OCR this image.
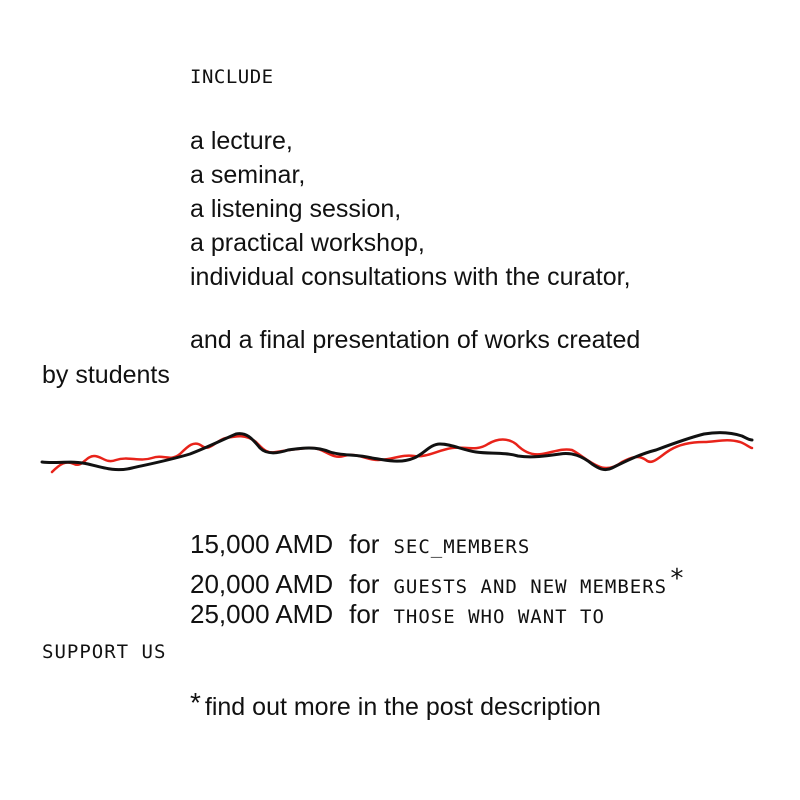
INCLUDE
a lecture,
a seminar,
a listening session,
a practical workshop,
individual consultations with the curator,
and a final presentation of works created
by students
15,000 AMD for SEC_MEMBERS
20,000 AMD for GUESTS AND NEW MEMBERS*
25,000 AMD for THOSE WHO WANT TO
SUPPORT US
* find out more in the post description
